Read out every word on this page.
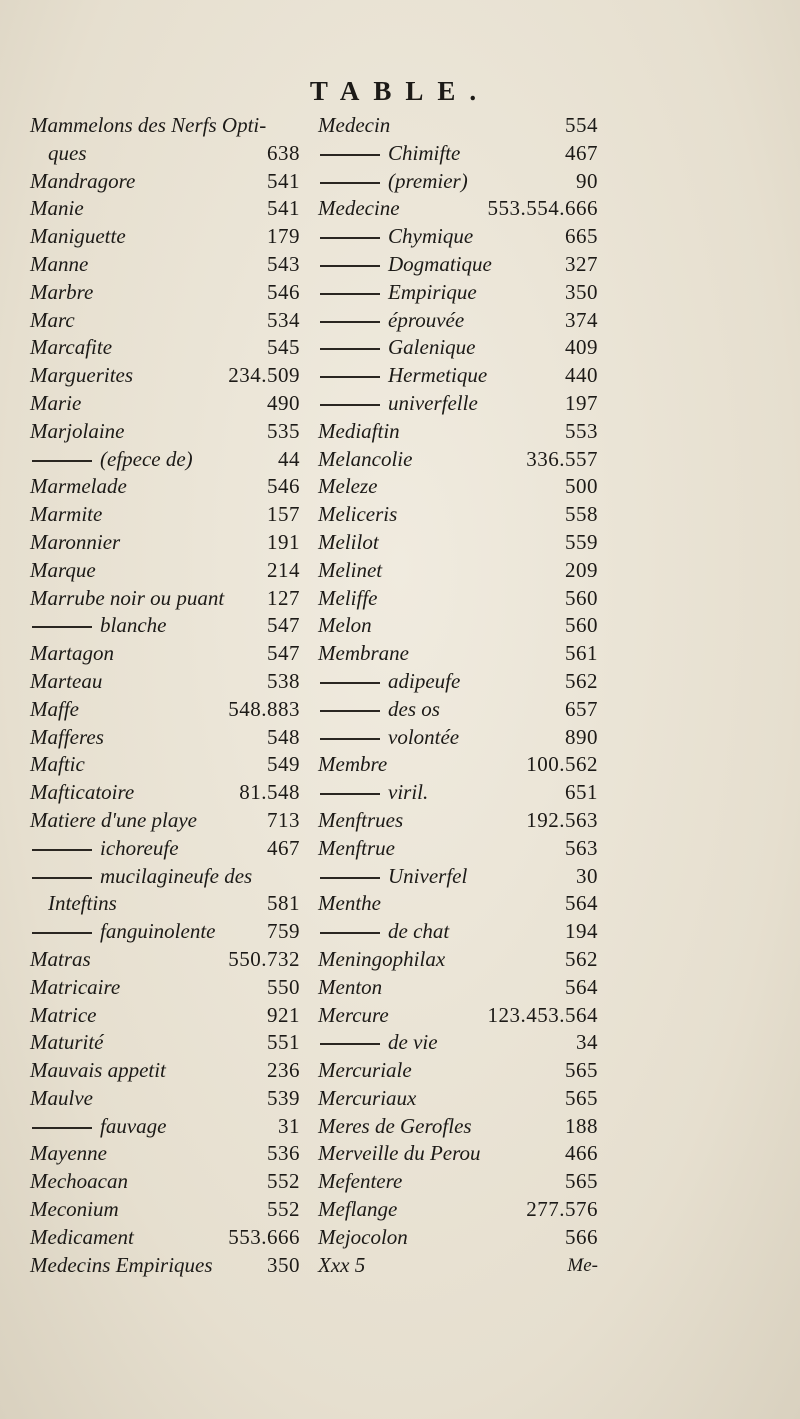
TABLE.
Mammelons des Nerfs Opti-
ques	638
Mandragore	541
Manie	541
Maniguette	179
Manne	543
Marbre	546
Marc	534
Marcafite	545
Marguerites	234.509
Marie	490
Marjolaine	535
(efpece de)	44
Marmelade	546
Marmite	157
Maronnier	191
Marque	214
Marrube noir ou puant 127
blanche	547
Martagon	547
Marteau	538
Maffe	548.883
Mafferes	548
Maftic	549
Mafticatoire	81.548
Matiere d'une playe	713
ichoreufe	467
mucilagineufe des
Inteftins	581
fanguinolente 759
Matras	550.732
Matricaire	550
Matrice	921
Maturité	551
Mauvais appetit	236
Maulve	539
fauvage	31
Mayenne	536
Mechoacan	552
Meconium	552
Medicament	553.666
Medecins Empiriques	350
Medecin	554
Chimifte	467
(premier)	90
Medecine	553.554.666
Chymique	665
Dogmatique	327
Empirique	350
éprouvée	374
Galenique	409
Hermetique	440
univerfelle	197
Mediaftin	553
Melancolie	336.557
Meleze	500
Meliceris	558
Melilot	559
Melinet	209
Meliffe	560
Melon	560
Membrane	561
adipeufe	562
des os	657
volontée	890
Membre	100.562
viril.	651
Menftrues	192.563
Menftrue	563
Univerfel	30
Menthe	564
de chat	194
Meningophilax	562
Menton	564
Mercure	123.453.564
de vie	34
Mercuriale	565
Mercuriaux	565
Meres de Gerofles	188
Merveille du Perou	466
Mefentere	565
Meflange	277.576
Mejocolon	566
Xxx 5	Me-
